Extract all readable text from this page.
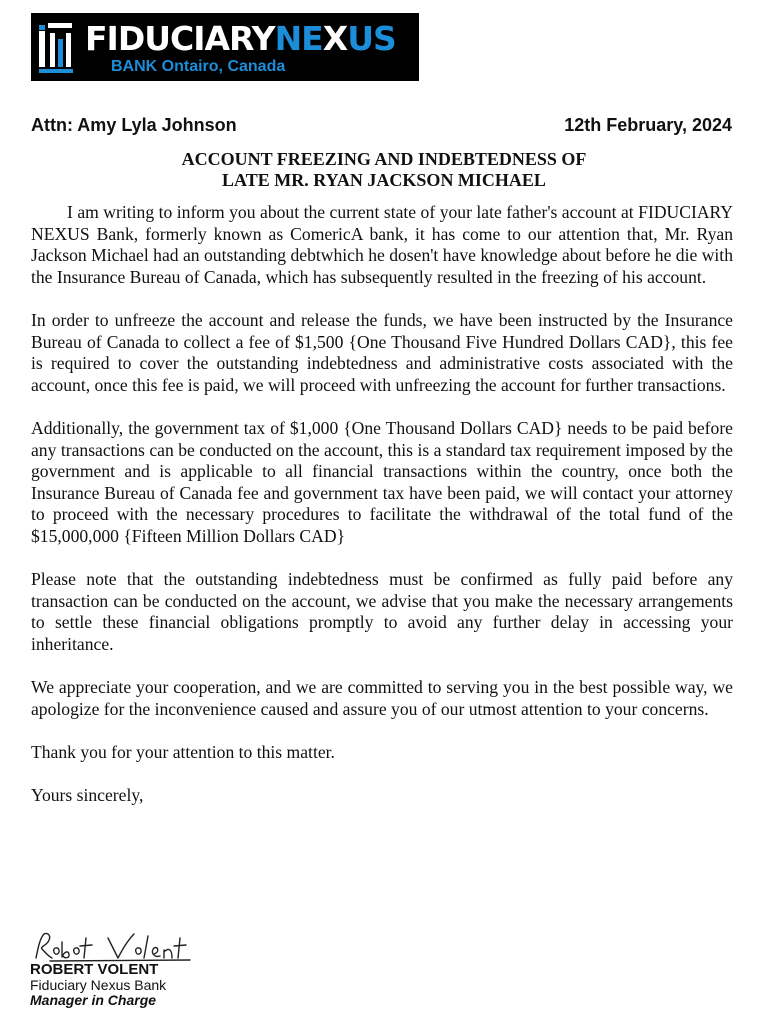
FIDUCIARYNEXUS
BANK Ontairo, Canada
Attn: Amy Lyla Johnson	12th February, 2024
ACCOUNT FREEZING AND INDEBTEDNESS OF
LATE MR. RYAN JACKSON MICHAEL

I am writing to inform you about the current state of your late father's account at FIDUCIARY NEXUS Bank, formerly known as ComericA bank, it has come to our attention that, Mr. Ryan Jackson Michael had an outstanding debtwhich he dosen't have knowledge about before he die with the Insurance Bureau of Canada, which has subsequently resulted in the freezing of his account.

In order to unfreeze the account and release the funds, we have been instructed by the Insurance Bureau of Canada to collect a fee of $1,500 {One Thousand Five Hundred Dollars CAD}, this fee is required to cover the outstanding indebtedness and administrative costs associated with the account, once this fee is paid, we will proceed with unfreezing the account for further transactions.

Additionally, the government tax of $1,000 {One Thousand Dollars CAD} needs to be paid before any transactions can be conducted on the account, this is a standard tax requirement imposed by the government and is applicable to all financial transactions within the country, once both the Insurance Bureau of Canada fee and government tax have been paid, we will contact your attorney to proceed with the necessary procedures to facilitate the withdrawal of the total fund of the $15,000,000 {Fifteen Million Dollars CAD}

Please note that the outstanding indebtedness must be confirmed as fully paid before any transaction can be conducted on the account, we advise that you make the necessary arrangements to settle these financial obligations promptly to avoid any further delay in accessing your inheritance.

We appreciate your cooperation, and we are committed to serving you in the best possible way, we apologize for the inconvenience caused and assure you of our utmost attention to your concerns.

Thank you for your attention to this matter.

Yours sincerely,

ROBERT VOLENT
Fiduciary Nexus Bank
Manager in Charge
